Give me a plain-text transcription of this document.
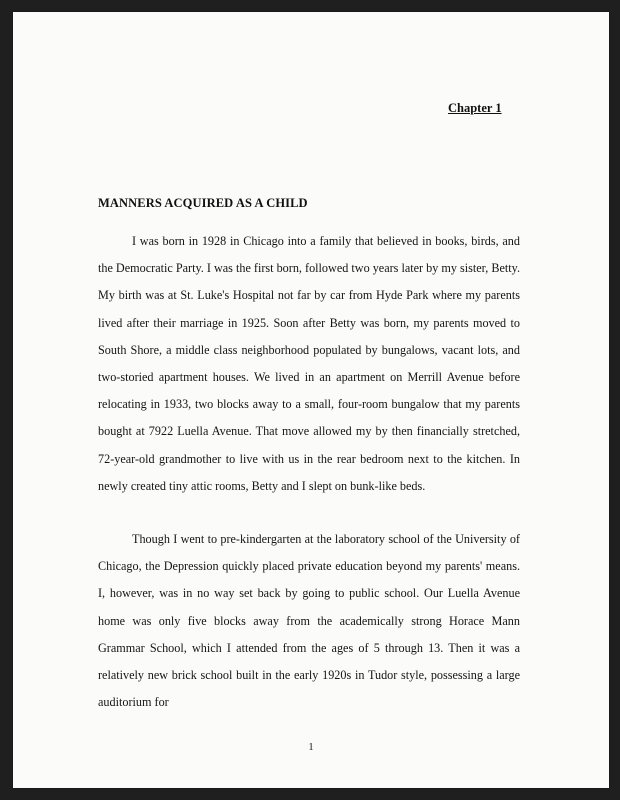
Chapter 1
MANNERS ACQUIRED AS A CHILD

I was born in 1928 in Chicago into a family that believed in books, birds, and the Democratic Party. I was the first born, followed two years later by my sister, Betty. My birth was at St. Luke's Hospital not far by car from Hyde Park where my parents lived after their marriage in 1925. Soon after Betty was born, my parents moved to South Shore, a middle class neighborhood populated by bungalows, vacant lots, and two-storied apartment houses. We lived in an apartment on Merrill Avenue before relocating in 1933, two blocks away to a small, four-room bungalow that my parents bought at 7922 Luella Avenue. That move allowed my by then financially stretched, 72-year-old grandmother to live with us in the rear bedroom next to the kitchen. In newly created tiny attic rooms, Betty and I slept on bunk-like beds.

Though I went to pre-kindergarten at the laboratory school of the University of Chicago, the Depression quickly placed private education beyond my parents' means. I, however, was in no way set back by going to public school. Our Luella Avenue home was only five blocks away from the academically strong Horace Mann Grammar School, which I attended from the ages of 5 through 13. Then it was a relatively new brick school built in the early 1920s in Tudor style, possessing a large auditorium for

1
